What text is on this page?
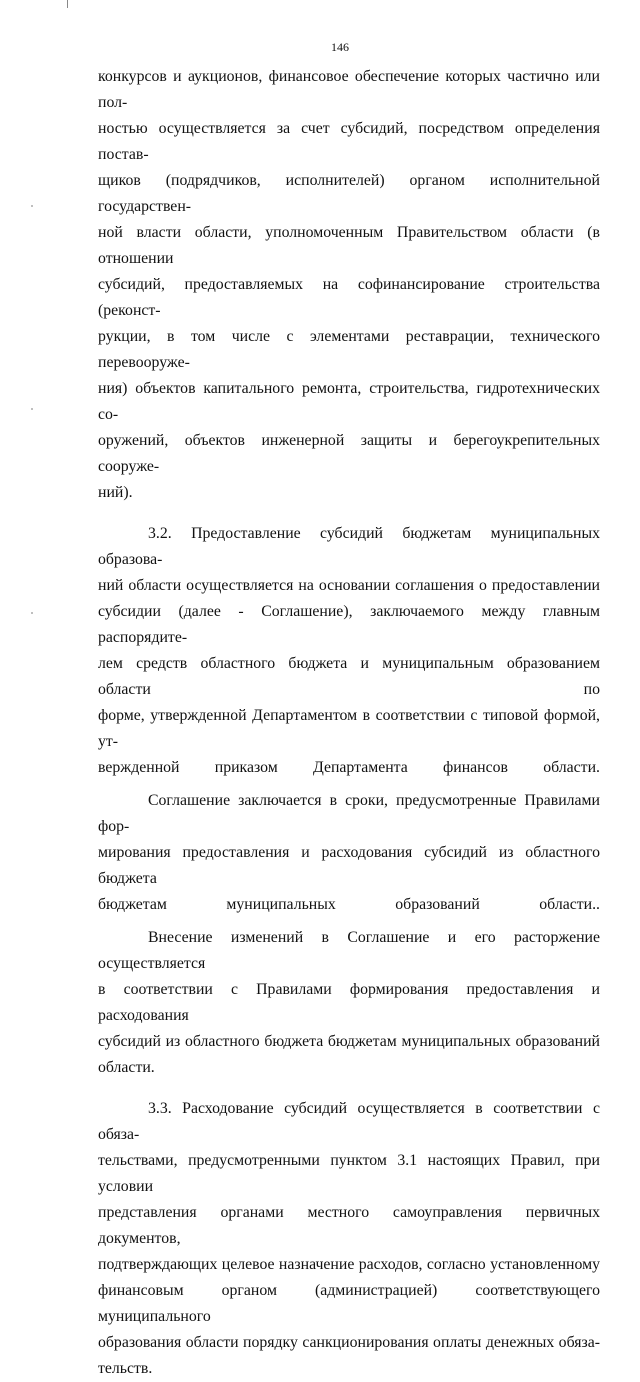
146

конкурсов и аукционов, финансовое обеспечение которых частично или пол-
ностью осуществляется за счет субсидий, посредством определения постав-
щиков (подрядчиков, исполнителей) органом исполнительной государствен-
ной власти области, уполномоченным Правительством области (в отношении
субсидий, предоставляемых на софинансирование строительства (реконст-
рукции, в том числе с элементами реставрации, технического перевооруже-
ния) объектов капитального ремонта, строительства, гидротехнических со-
оружений, объектов инженерной защиты и берегоукрепительных сооруже-
ний).

3.2. Предоставление субсидий бюджетам муниципальных образова-
ний области осуществляется на основании соглашения о предоставлении
субсидии (далее - Соглашение), заключаемого между главным распорядите-
лем средств областного бюджета и муниципальным образованием области по
форме, утвержденной Департаментом в соответствии с типовой формой, ут-
вержденной приказом Департамента финансов области.

Соглашение заключается в сроки, предусмотренные Правилами фор-
мирования предоставления и расходования субсидий из областного бюджета
бюджетам муниципальных образований области..

Внесение изменений в Соглашение и его расторжение осуществляется
в соответствии с Правилами формирования предоставления и расходования
субсидий из областного бюджета бюджетам муниципальных образований
области.

3.3. Расходование субсидий осуществляется в соответствии с обяза-
тельствами, предусмотренными пунктом 3.1 настоящих Правил, при условии
представления органами местного самоуправления первичных документов,
подтверждающих целевое назначение расходов, согласно установленному
финансовым органом (администрацией) соответствующего муниципального
образования области порядку санкционирования оплаты денежных обяза-
тельств.
